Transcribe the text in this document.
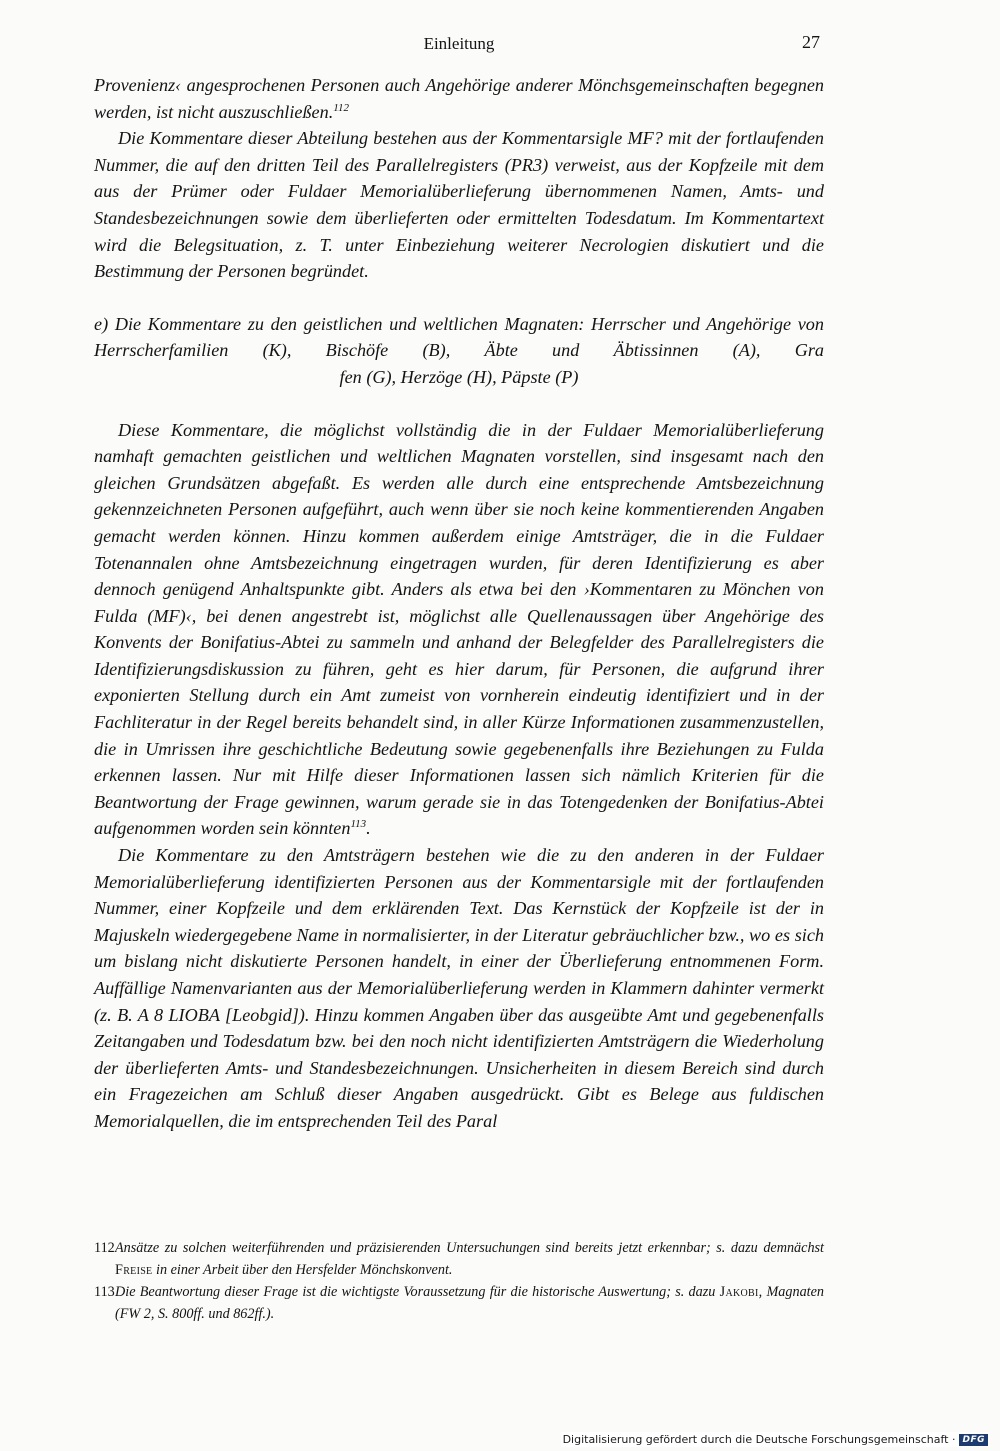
Einleitung	27

Provenienz‹ angesprochenen Personen auch Angehörige anderer Mönchsgemeinschaften begegnen werden, ist nicht auszuschließen.$^{112}$

Die Kommentare dieser Abteilung bestehen aus der Kommentarsigle MF? mit der fortlaufenden Nummer, die auf den dritten Teil des Parallelregisters (PR3) verweist, aus der Kopfzeile mit dem aus der Prümer oder Fuldaer Memorialüberlieferung übernommenen Namen, Amts- und Standesbezeichnungen sowie dem überlieferten oder ermittelten Todesdatum. Im Kommentartext wird die Belegsituation, z. T. unter Einbeziehung weiterer Necrologien diskutiert und die Bestimmung der Personen begründet.

e) Die Kommentare zu den geistlichen und weltlichen Magnaten: Herrscher und Angehörige von Herrscherfamilien (K), Bischöfe (B), Äbte und Äbtissinnen (A), Gra
fen (G), Herzöge (H), Päpste (P)

Diese Kommentare, die möglichst vollständig die in der Fuldaer Memorialüberlieferung namhaft gemachten geistlichen und weltlichen Magnaten vorstellen, sind insgesamt nach den gleichen Grundsätzen abgefaßt. Es werden alle durch eine entsprechende Amtsbezeichnung gekennzeichneten Personen aufgeführt, auch wenn über sie noch keine kommentierenden Angaben gemacht werden können. Hinzu kommen außerdem einige Amtsträger, die in die Fuldaer Totenannalen ohne Amtsbezeichnung eingetragen wurden, für deren Identifizierung es aber dennoch genügend Anhaltspunkte gibt. Anders als etwa bei den ›Kommentaren zu Mönchen von Fulda (MF)‹, bei denen angestrebt ist, möglichst alle Quellenaussagen über Angehörige des Konvents der Bonifatius-Abtei zu sammeln und anhand der Belegfelder des Parallelregisters die Identifizierungsdiskussion zu führen, geht es hier darum, für Personen, die aufgrund ihrer exponierten Stellung durch ein Amt zumeist von vornherein eindeutig identifiziert und in der Fachliteratur in der Regel bereits behandelt sind, in aller Kürze Informationen zusammenzustellen, die in Umrissen ihre geschichtliche Bedeutung sowie gegebenenfalls ihre Beziehungen zu Fulda erkennen lassen. Nur mit Hilfe dieser Informationen lassen sich nämlich Kriterien für die Beantwortung der Frage gewinnen, warum gerade sie in das Totengedenken der Bonifatius-Abtei aufgenommen worden sein könnten$^{113}$.

Die Kommentare zu den Amtsträgern bestehen wie die zu den anderen in der Fuldaer Memorialüberlieferung identifizierten Personen aus der Kommentarsigle mit der fortlaufenden Nummer, einer Kopfzeile und dem erklärenden Text. Das Kernstück der Kopfzeile ist der in Majuskeln wiedergegebene Name in normalisierter, in der Literatur gebräuchlicher bzw., wo es sich um bislang nicht diskutierte Personen handelt, in einer der Überlieferung entnommenen Form. Auffällige Namenvarianten aus der Memorialüberlieferung werden in Klammern dahinter vermerkt (z. B. A 8 LIOBA [Leobgid]). Hinzu kommen Angaben über das ausgeübte Amt und gegebenenfalls Zeitangaben und Todesdatum bzw. bei den noch nicht identifizierten Amtsträgern die Wiederholung der überlieferten Amts- und Standesbezeichnungen. Unsicherheiten in diesem Bereich sind durch ein Fragezeichen am Schluß dieser Angaben ausgedrückt. Gibt es Belege aus fuldischen Memorialquellen, die im entsprechenden Teil des Paral

112 Ansätze zu solchen weiterführenden und präzisierenden Untersuchungen sind bereits jetzt erkennbar; s. dazu demnächst Freise in einer Arbeit über den Hersfelder Mönchskonvent.
113 Die Beantwortung dieser Frage ist die wichtigste Voraussetzung für die historische Auswertung; s. dazu Jakobi, Magnaten (FW 2, S. 800ff. und 862ff.).
Digitalisierung gefördert durch die Deutsche Forschungsgemeinschaft · DFG
